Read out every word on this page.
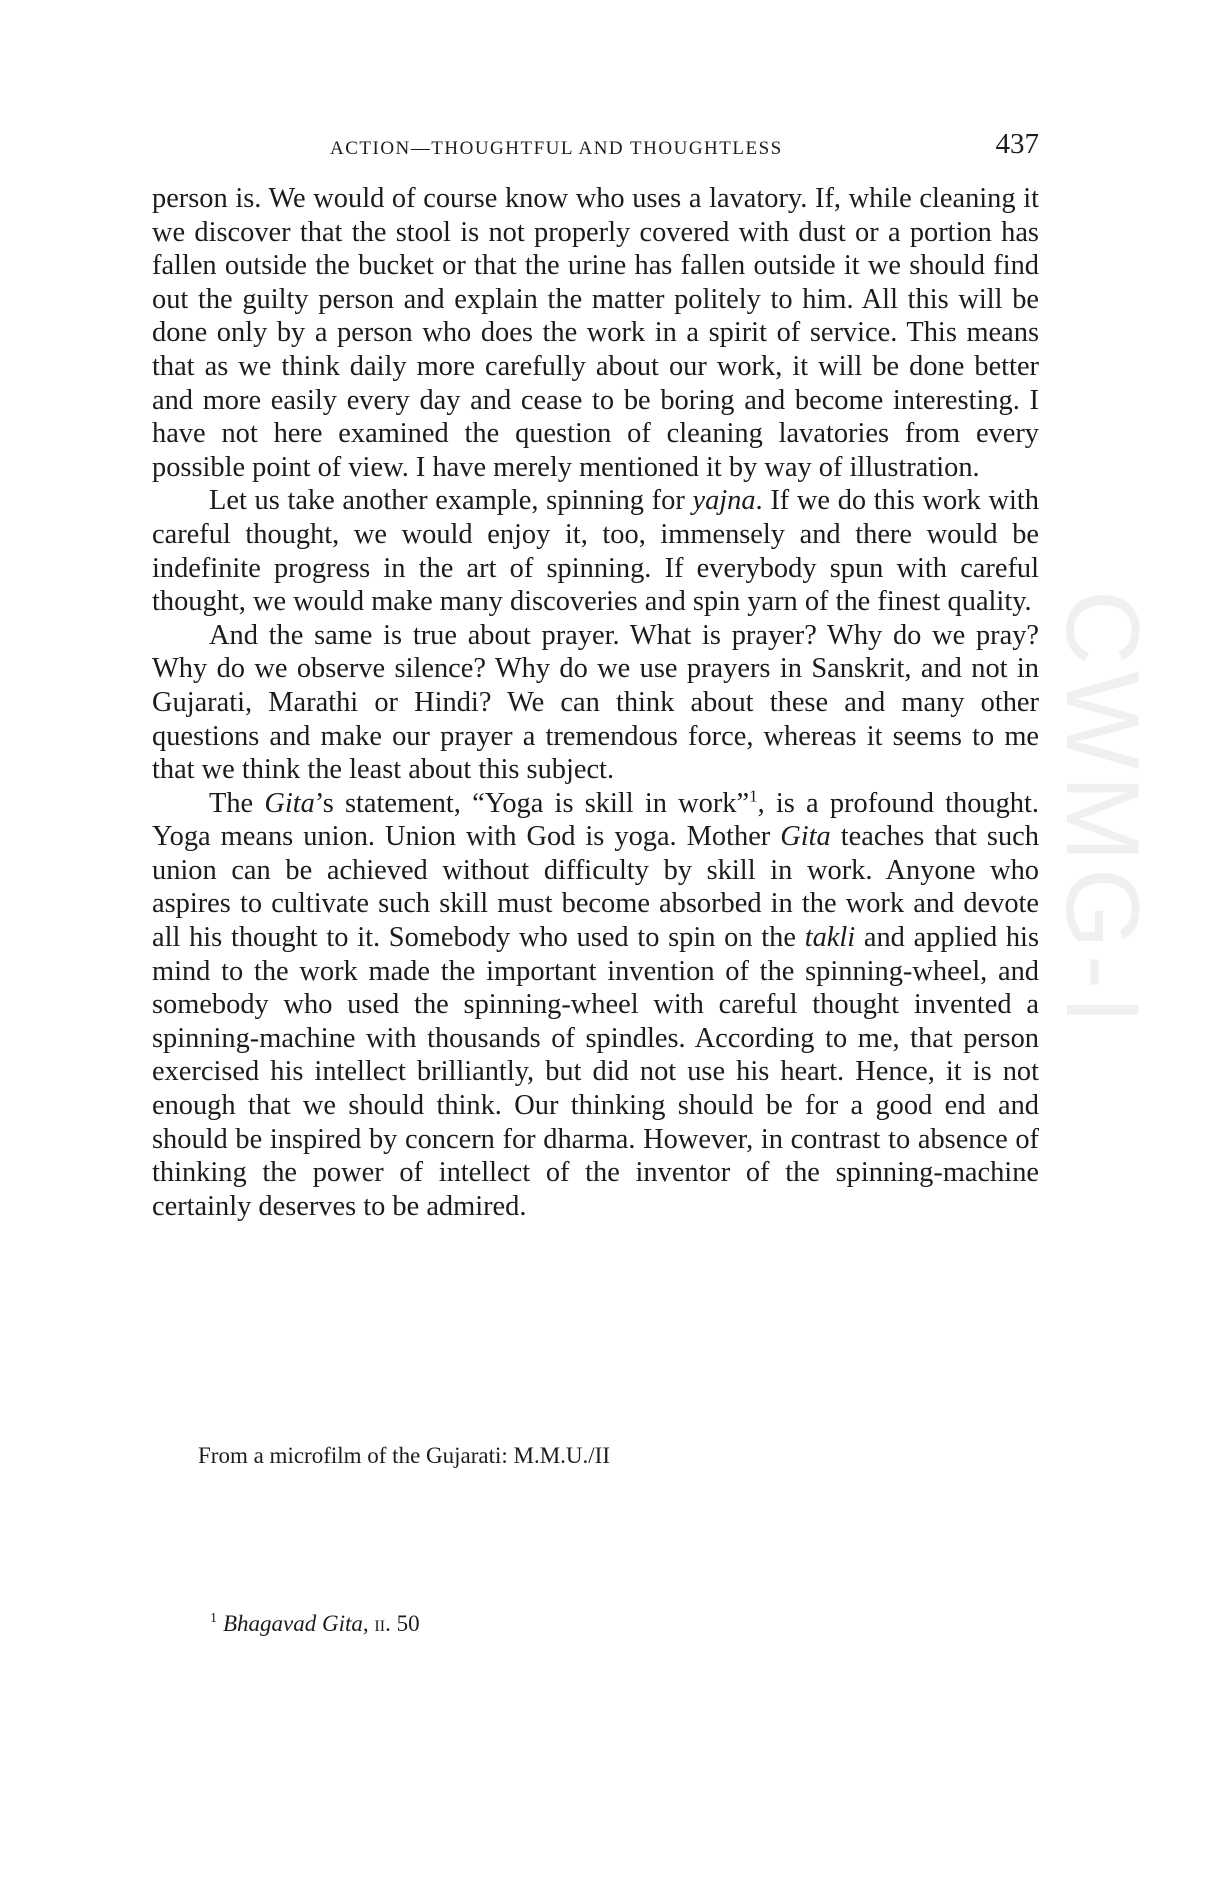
CWMG-I
ACTION—THOUGHTFUL AND THOUGHTLESS	437

person is. We would of course know who uses a lavatory. If, while cleaning it we discover that the stool is not properly covered with dust or a portion has fallen outside the bucket or that the urine has fallen outside it we should find out the guilty person and explain the matter politely to him. All this will be done only by a person who does the work in a spirit of service. This means that as we think daily more carefully about our work, it will be done better and more easily every day and cease to be boring and become interesting. I have not here examined the question of cleaning lavatories from every possible point of view. I have merely mentioned it by way of illustration.

Let us take another example, spinning for yajna. If we do this work with careful thought, we would enjoy it, too, immensely and there would be indefinite progress in the art of spinning. If everybody spun with careful thought, we would make many discoveries and spin yarn of the finest quality.

And the same is true about prayer. What is prayer? Why do we pray? Why do we observe silence? Why do we use prayers in Sanskrit, and not in Gujarati, Marathi or Hindi? We can think about these and many other questions and make our prayer a tremendous force, whereas it seems to me that we think the least about this subject.

The Gita’s statement, “Yoga is skill in work”$^1$, is a profound thought. Yoga means union. Union with God is yoga. Mother Gita teaches that such union can be achieved without difficulty by skill in work. Anyone who aspires to cultivate such skill must become absorbed in the work and devote all his thought to it. Somebody who used to spin on the takli and applied his mind to the work made the important invention of the spinning-wheel, and somebody who used the spinning-wheel with careful thought invented a spinning-machine with thousands of spindles. According to me, that person exercised his intellect brilliantly, but did not use his heart. Hence, it is not enough that we should think. Our thinking should be for a good end and should be inspired by concern for dharma. However, in contrast to absence of thinking the power of intellect of the inventor of the spinning-machine certainly deserves to be admired.

From a microfilm of the Gujarati: M.M.U./II
$^1$ Bhagavad Gita, ii. 50
